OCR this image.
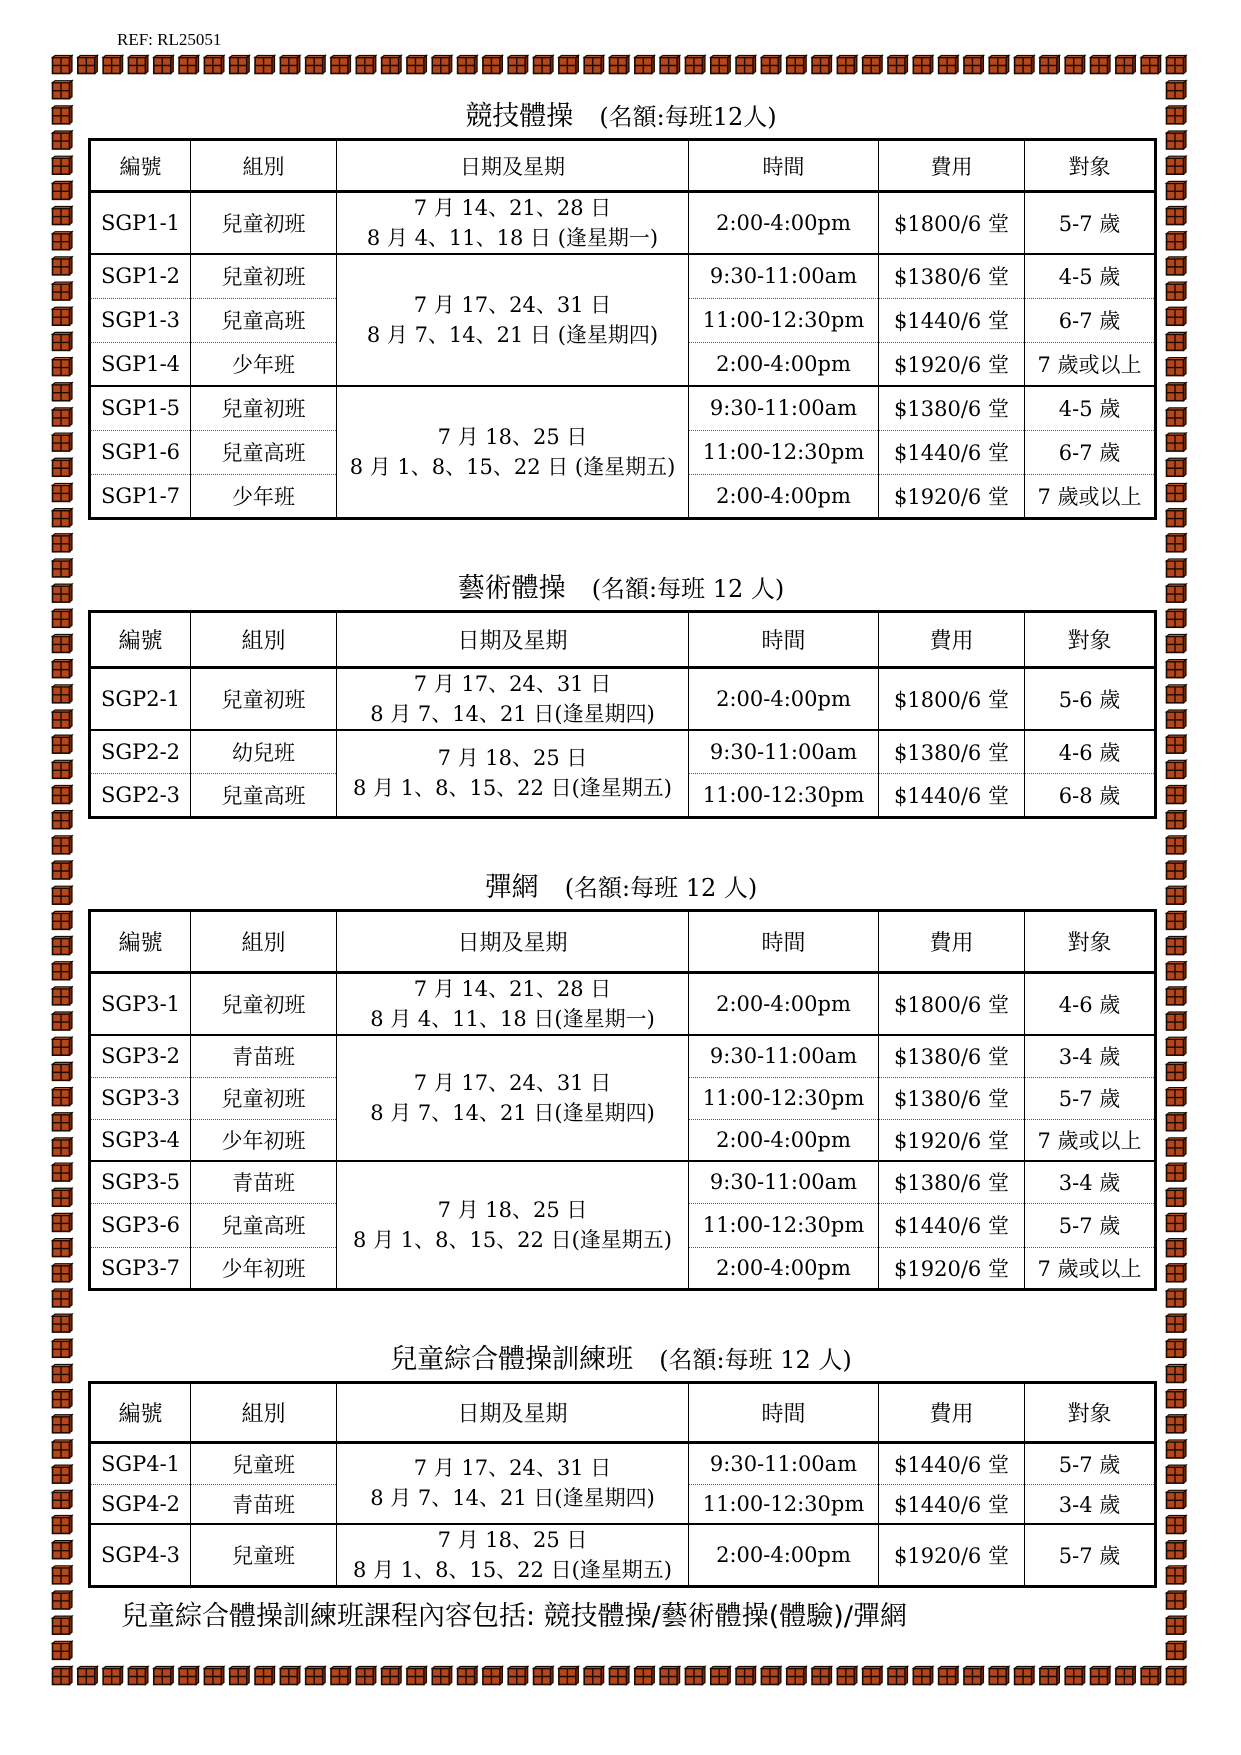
REF: RL25051
競技體操 (名額:每班12人)
編號	組別	日期及星期	時間	費用	對象
SGP1-1	兒童初班	7 月 14、21、28 日
8 月 4、11、18 日 (逢星期一)	2:00-4:00pm	$1800/6 堂	5-7 歲
SGP1-2	兒童初班	7 月 17、24、31 日
8 月 7、14、21 日 (逢星期四)	9:30-11:00am	$1380/6 堂	4-5 歲
SGP1-3	兒童高班		11:00-12:30pm	$1440/6 堂	6-7 歲
SGP1-4	少年班		2:00-4:00pm	$1920/6 堂	7 歲或以上
SGP1-5	兒童初班	7 月 18、25 日
8 月 1、8、15、22 日 (逢星期五)	9:30-11:00am	$1380/6 堂	4-5 歲
SGP1-6	兒童高班		11:00-12:30pm	$1440/6 堂	6-7 歲
SGP1-7	少年班		2:00-4:00pm	$1920/6 堂	7 歲或以上
藝術體操 (名額:每班 12 人)
編號	組別	日期及星期	時間	費用	對象
SGP2-1	兒童初班	7 月 17、24、31 日
8 月 7、14、21 日(逢星期四)	2:00-4:00pm	$1800/6 堂	5-6 歲
SGP2-2	幼兒班	7 月 18、25 日
8 月 1、8、15、22 日(逢星期五)	9:30-11:00am	$1380/6 堂	4-6 歲
SGP2-3	兒童高班		11:00-12:30pm	$1440/6 堂	6-8 歲
彈網 (名額:每班 12 人)
編號	組別	日期及星期	時間	費用	對象
SGP3-1	兒童初班	7 月 14、21、28 日
8 月 4、11、18 日(逢星期一)	2:00-4:00pm	$1800/6 堂	4-6 歲
SGP3-2	青苗班	7 月 17、24、31 日
8 月 7、14、21 日(逢星期四)	9:30-11:00am	$1380/6 堂	3-4 歲
SGP3-3	兒童初班		11:00-12:30pm	$1380/6 堂	5-7 歲
SGP3-4	少年初班		2:00-4:00pm	$1920/6 堂	7 歲或以上
SGP3-5	青苗班	7 月 18、25 日
8 月 1、8、15、22 日(逢星期五)	9:30-11:00am	$1380/6 堂	3-4 歲
SGP3-6	兒童高班		11:00-12:30pm	$1440/6 堂	5-7 歲
SGP3-7	少年初班		2:00-4:00pm	$1920/6 堂	7 歲或以上
兒童綜合體操訓練班 (名額:每班 12 人)
編號	組別	日期及星期	時間	費用	對象
SGP4-1	兒童班	7 月 17、24、31 日
8 月 7、14、21 日(逢星期四)	9:30-11:00am	$1440/6 堂	5-7 歲
SGP4-2	青苗班		11:00-12:30pm	$1440/6 堂	3-4 歲
SGP4-3	兒童班	7 月 18、25 日
8 月 1、8、15、22 日(逢星期五)	2:00-4:00pm	$1920/6 堂	5-7 歲
兒童綜合體操訓練班課程內容包括: 競技體操/藝術體操(體驗)/彈網
